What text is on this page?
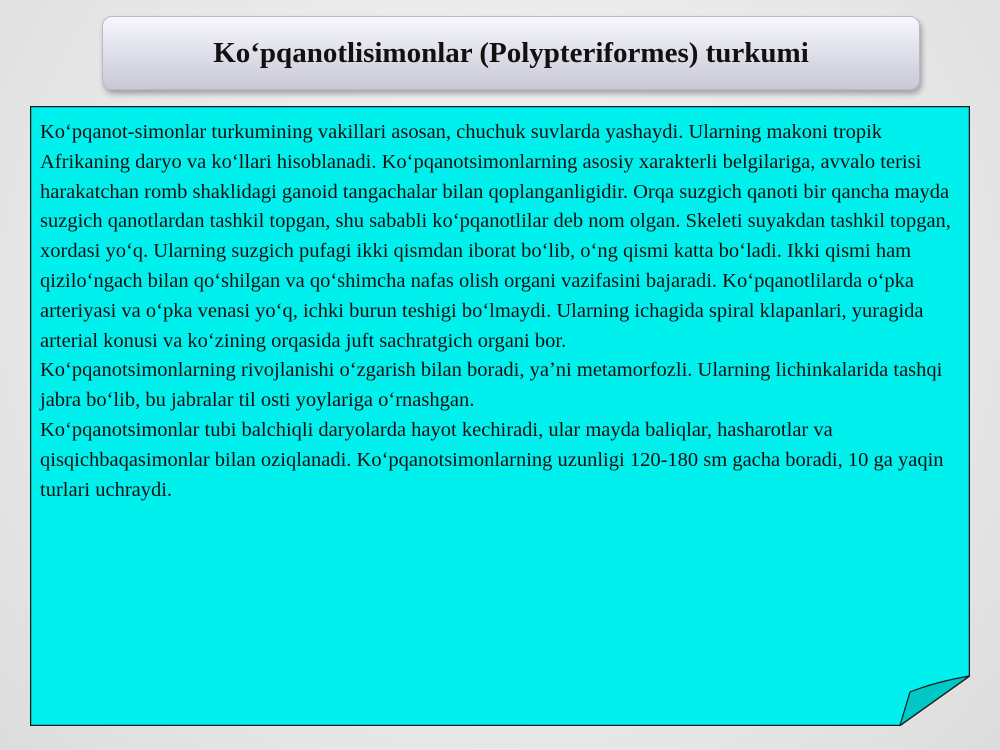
Koʻpqanotlisimonlar (Polypteriformes) turkumi

Koʻpqanot-simonlar turkumining vakillari asosan, chuchuk suvlarda yashaydi. Ularning makoni tropik Afrikaning daryo va koʻllari hisoblanadi. Koʻpqanotsimonlarning asosiy xarakterli belgilariga, avvalo terisi harakatchan romb shaklidagi ganoid tangachalar bilan qoplanganligidir. Orqa suzgich qanoti bir qancha mayda suzgich qanotlardan tashkil topgan, shu sababli koʻpqanotlilar deb nom olgan. Skeleti suyakdan tashkil topgan, xordasi yoʻq. Ularning suzgich pufagi ikki qismdan iborat boʻlib, oʻng qismi katta boʻladi. Ikki qismi ham qiziloʻngach bilan qoʻshilgan va qoʻshimcha nafas olish organi vazifasini bajaradi. Koʻpqanotlilarda oʻpka arteriyasi va oʻpka venasi yoʻq, ichki burun teshigi boʻlmaydi. Ularning ichagida spiral klapanlari, yuragida arterial konusi va koʻzining orqasida juft sachratgich organi bor.

Koʻpqanotsimonlarning rivojlanishi oʻzgarish bilan boradi, yaʼni metamorfozli. Ularning lichinkalarida tashqi jabra boʻlib, bu jabralar til osti yoylariga oʻrnashgan.

Koʻpqanotsimonlar tubi balchiqli daryolarda hayot kechiradi, ular mayda baliqlar, hasharotlar va qisqichbaqasimonlar bilan oziqlanadi. Koʻpqanotsimonlarning uzunligi 120-180 sm gacha boradi, 10 ga yaqin turlari uchraydi.
